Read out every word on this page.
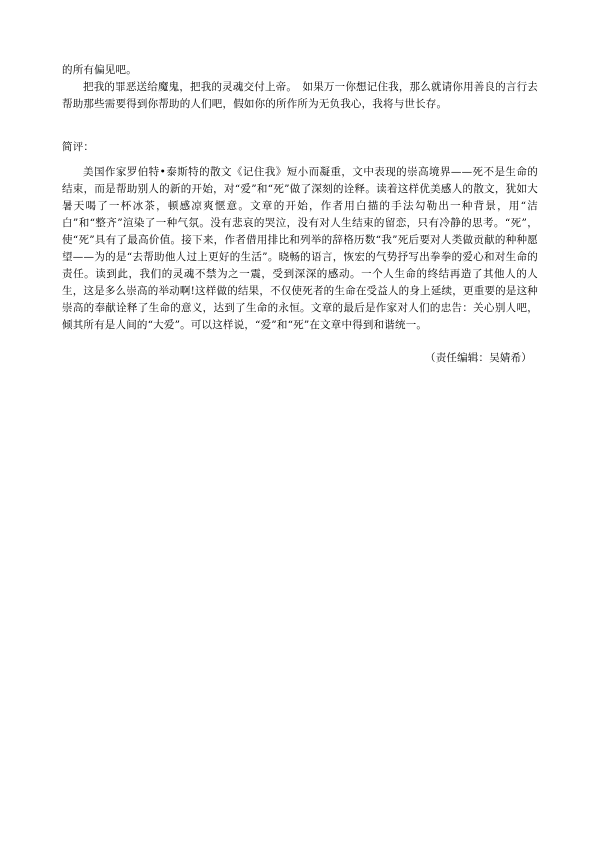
的所有偏见吧。

把我的罪恶送给魔鬼，把我的灵魂交付上帝。　如果万一你想记住我，那么就请你用善良的言行去帮助那些需要得到你帮助的人们吧，假如你的所作所为无负我心，我将与世长存。

简评：

美国作家罗伯特•泰斯特的散文《记住我》短小而凝重，文中表现的崇高境界——死不是生命的结束，而是帮助别人的新的开始，对“爱”和“死”做了深刻的诠释。读着这样优美感人的散文，犹如大暑天喝了一杯冰茶，顿感凉爽惬意。文章的开始，作者用白描的手法勾勒出一种背景，用“洁白”和“整齐”渲染了一种气氛。没有悲哀的哭泣，没有对人生结束的留恋，只有冷静的思考。“死”，使“死”具有了最高价值。接下来，作者借用排比和列举的辞格历数“我”死后要对人类做贡献的种种愿望——为的是“去帮助他人过上更好的生活”。晓畅的语言，恢宏的气势抒写出拳拳的爱心和对生命的责任。读到此，我们的灵魂不禁为之一震，受到深深的感动。一个人生命的终结再造了其他人的人生，这是多么崇高的举动啊!这样做的结果，不仅使死者的生命在受益人的身上延续，更重要的是这种崇高的奉献诠释了生命的意义，达到了生命的永恒。文章的最后是作家对人们的忠告：关心别人吧，倾其所有是人间的“大爱”。可以这样说，“爱”和“死”在文章中得到和谐统一。

（责任编辑：吴婧希）
